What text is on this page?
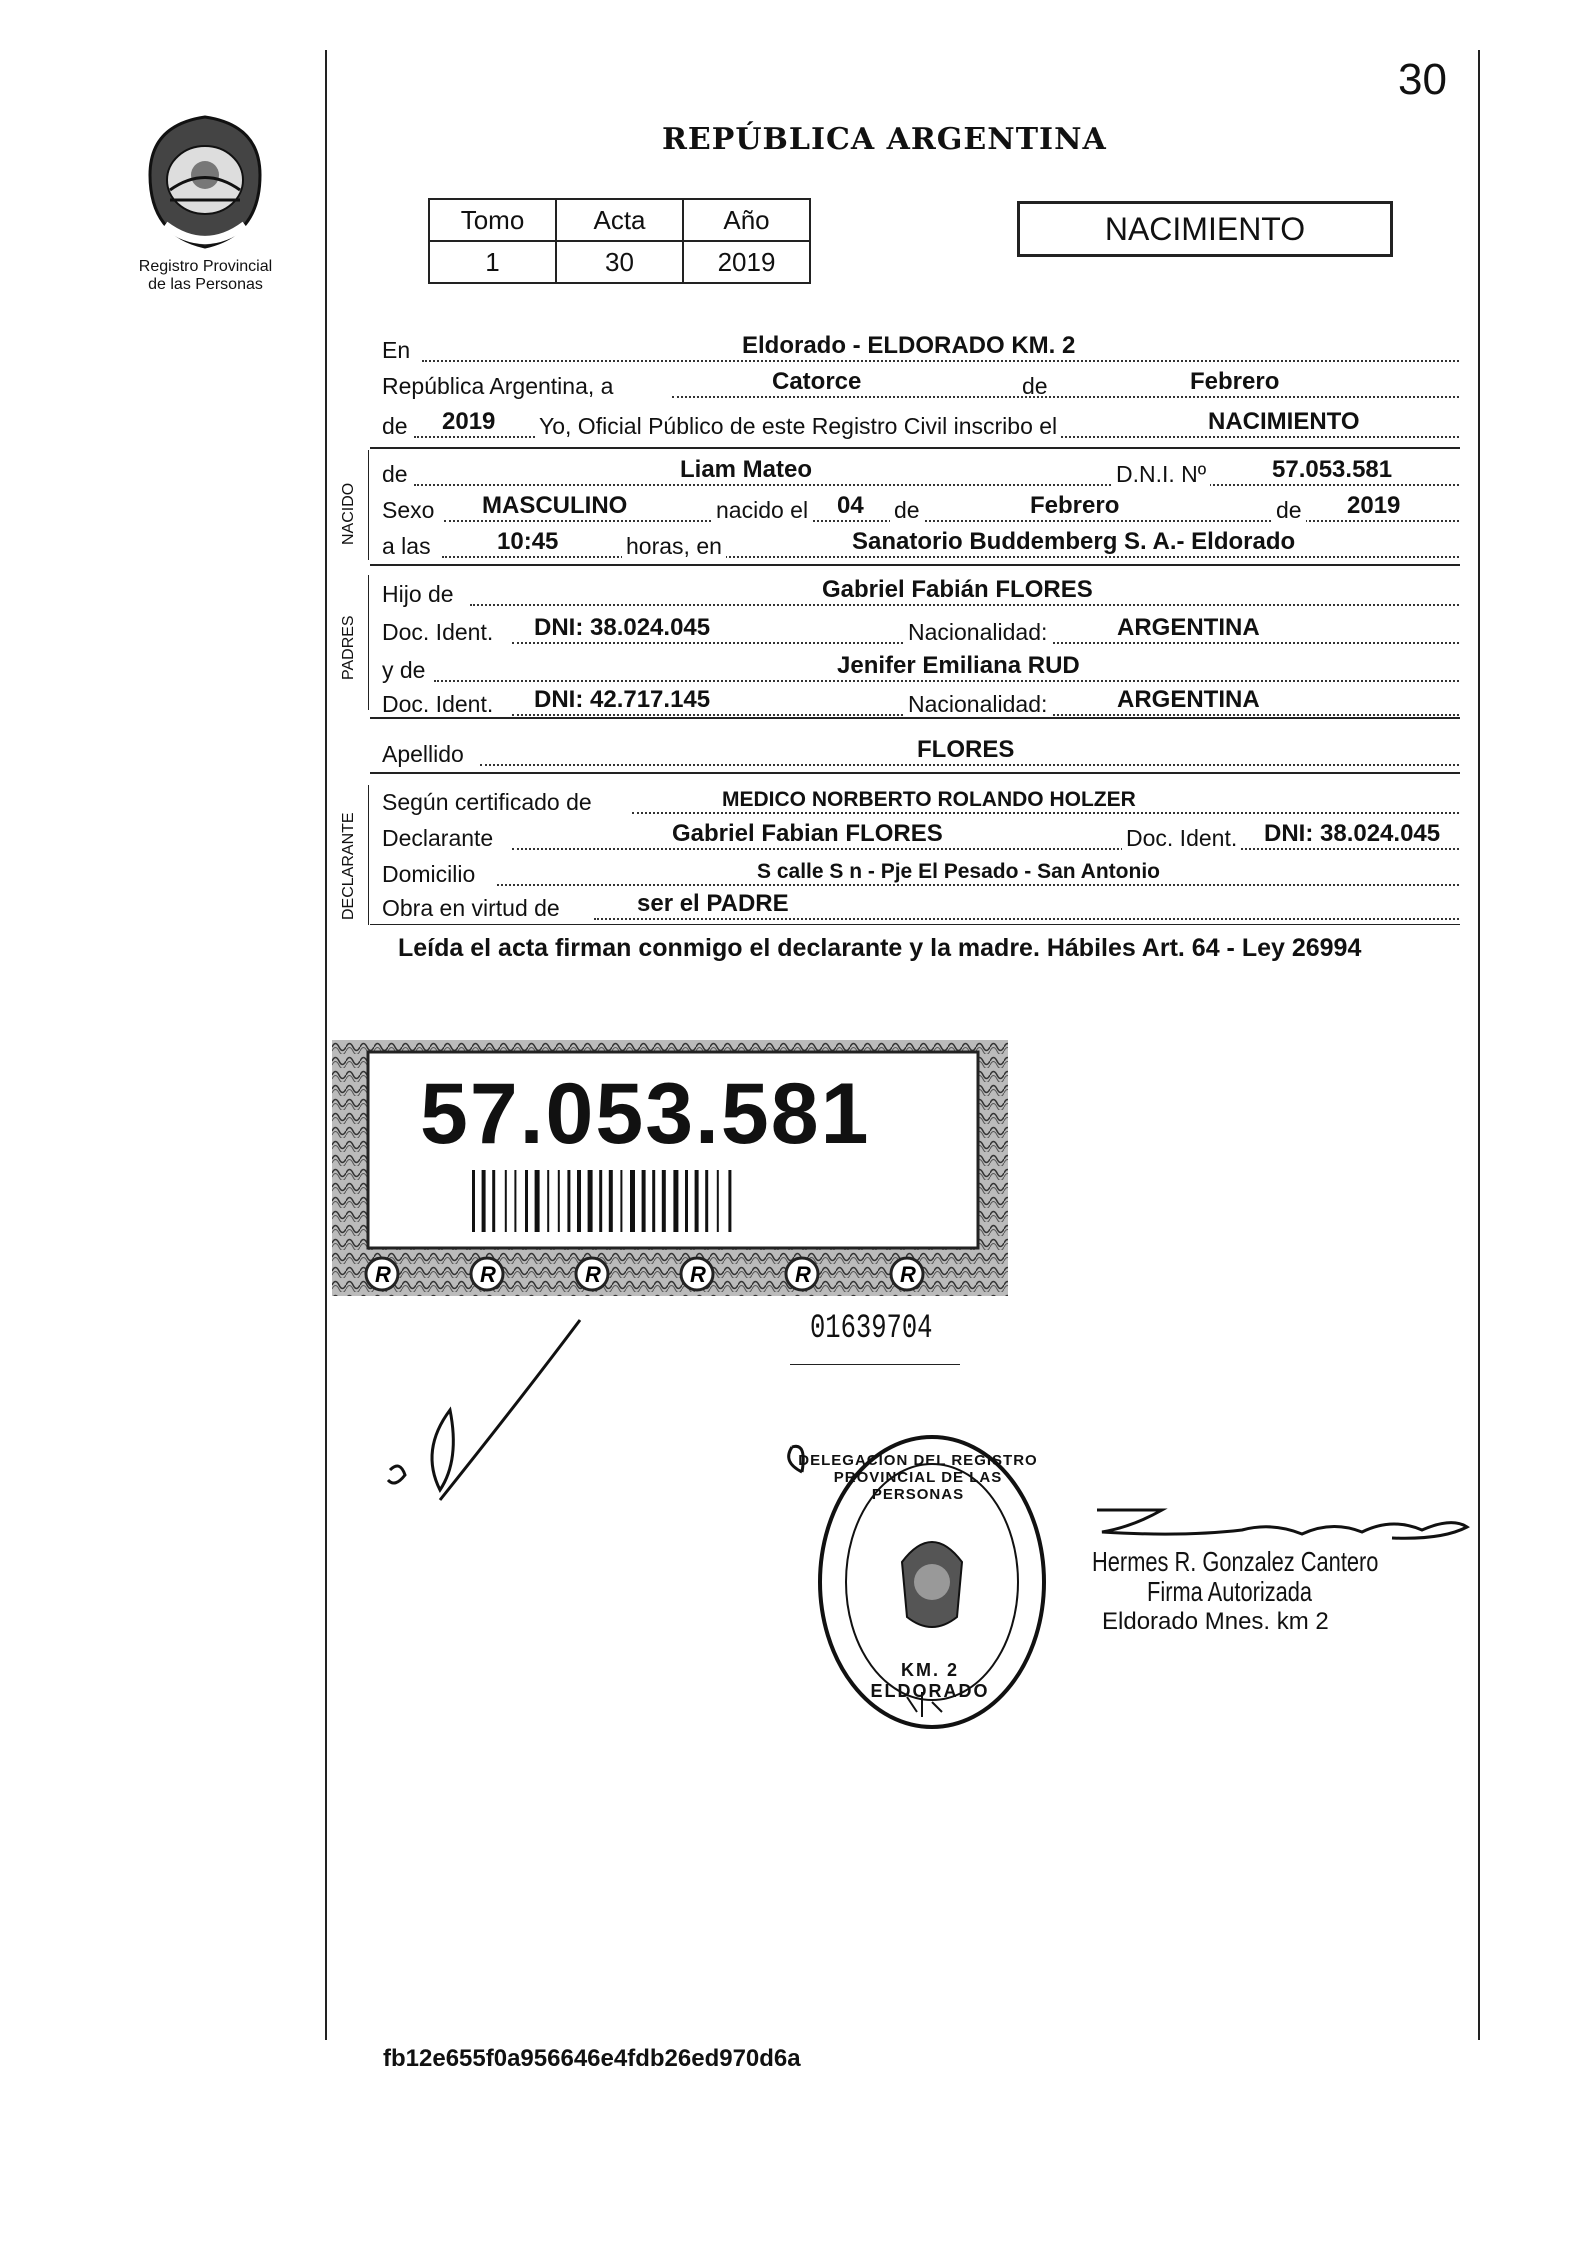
30
Registro Provincial
de las Personas
REPÚBLICA ARGENTINA
Tomo	Acta	Año
1	30	2019
NACIMIENTO
En	Eldorado - ELDORADO KM. 2
República Argentina, a	Catorce	de	Febrero
de 2019 Yo, Oficial Público de este Registro Civil inscribo el	NACIMIENTO
NACIDO
de	Liam Mateo	D.N.I. Nº	57.053.581
Sexo MASCULINO	nacido el 04 de	Febrero	de 2019
a las	10:45	horas, en	Sanatorio Buddemberg S. A.- Eldorado
PADRES
Hijo de	Gabriel Fabián FLORES
Doc. Ident. DNI: 38.024.045	Nacionalidad:	ARGENTINA
y de	Jenifer Emiliana RUD
Doc. Ident. DNI: 42.717.145	Nacionalidad:	ARGENTINA
Apellido	FLORES
DECLARANTE
Según certificado de	MEDICO NORBERTO ROLANDO HOLZER
Declarante	Gabriel Fabian FLORES	Doc. Ident. DNI: 38.024.045
Domicilio	S calle S n - Pje El Pesado - San Antonio
Obra en virtud de	ser el PADRE
Leída el acta firman conmigo el declarante y la madre. Hábiles Art. 64 - Ley 26994
R	R	R	R	R	R
57.053.581
01639704
DELEGACION DEL REGISTRO PROVINCIAL DE LAS PERSONAS
KM. 2 ELDORADO
Hermes R. Gonzalez Cantero
Firma Autorizada
Eldorado Mnes. km 2
fb12e655f0a956646e4fdb26ed970d6a
